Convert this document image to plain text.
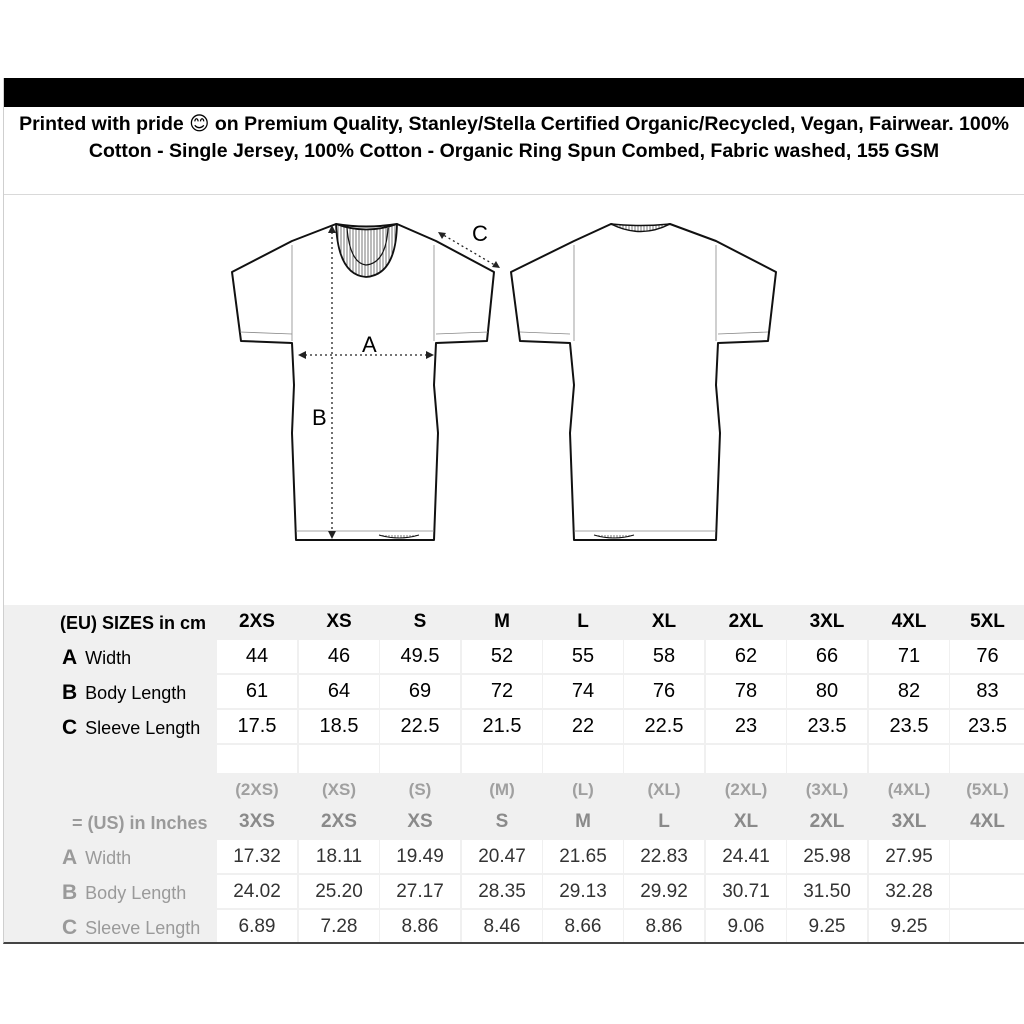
Printed with pride 😊 on Premium Quality, Stanley/Stella Certified Organic/Recycled, Vegan, Fairwear. 100% Cotton - Single Jersey, 100% Cotton - Organic Ring Spun Combed, Fabric washed, 155 GSM
A
B
C
(EU) SIZES in cm	2XS	XS	S	M	L	XL	2XL	3XL	4XL	5XL
A Width	44	46	49.5	52	55	58	62	66	71	76
B Body Length	61	64	69	72	74	76	78	80	82	83
C Sleeve Length	17.5	18.5	22.5	21.5	22	22.5	23	23.5	23.5	23.5
(2XS)	(XS)	(S)	(M)	(L)	(XL)	(2XL)	(3XL)	(4XL)	(5XL)
= (US) in Inches	3XS	2XS	XS	S	M	L	XL	2XL	3XL	4XL
A Width	17.32	18.11	19.49	20.47	21.65	22.83	24.41	25.98	27.95
B Body Length	24.02	25.20	27.17	28.35	29.13	29.92	30.71	31.50	32.28
C Sleeve Length	6.89	7.28	8.86	8.46	8.66	8.86	9.06	9.25	9.25
